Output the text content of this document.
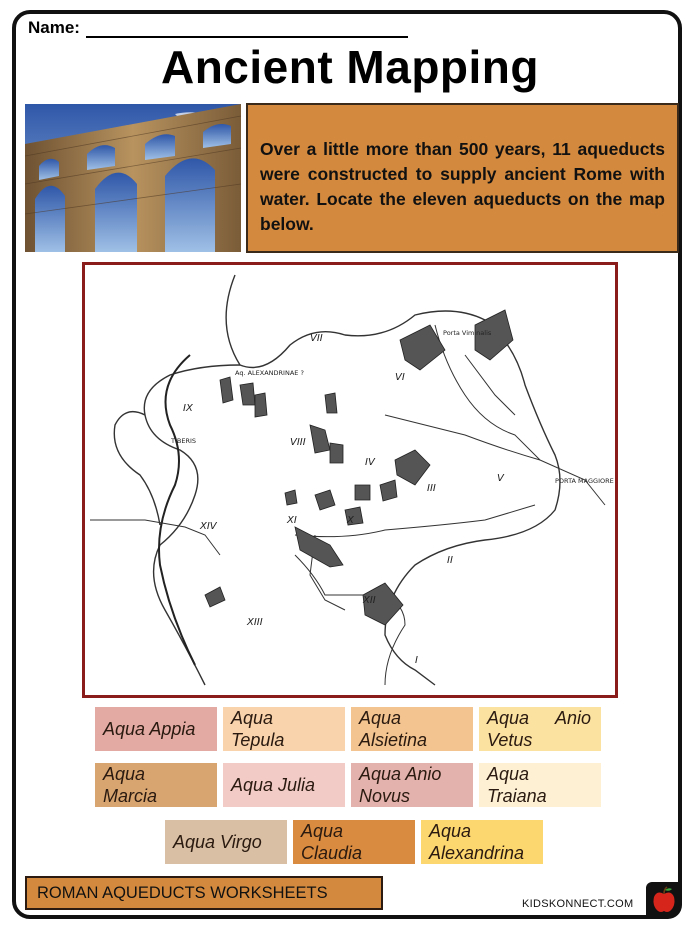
Name:
Ancient Mapping
Over a little more than 500 years, 11 aqueducts were constructed to supply ancient Rome with water. Locate the eleven aqueducts on the map below.
IX
VII
VI
VIII
IV
III
V
XIV
XI	X
II
XII
XIII
I
Aq. ALEXANDRINAE ?
Porta Viminalis
PORTA MAGGIORE
TIBERIS
Aqua Appia
Aqua Tepula
Aqua Alsietina
Aqua Anio Vetus
Aqua Marcia
Aqua Julia
Aqua Anio Novus
Aqua Traiana
Aqua Virgo
Aqua Claudia
Aqua Alexandrina
ROMAN AQUEDUCTS WORKSHEETS
KIDSKONNECT.COM
